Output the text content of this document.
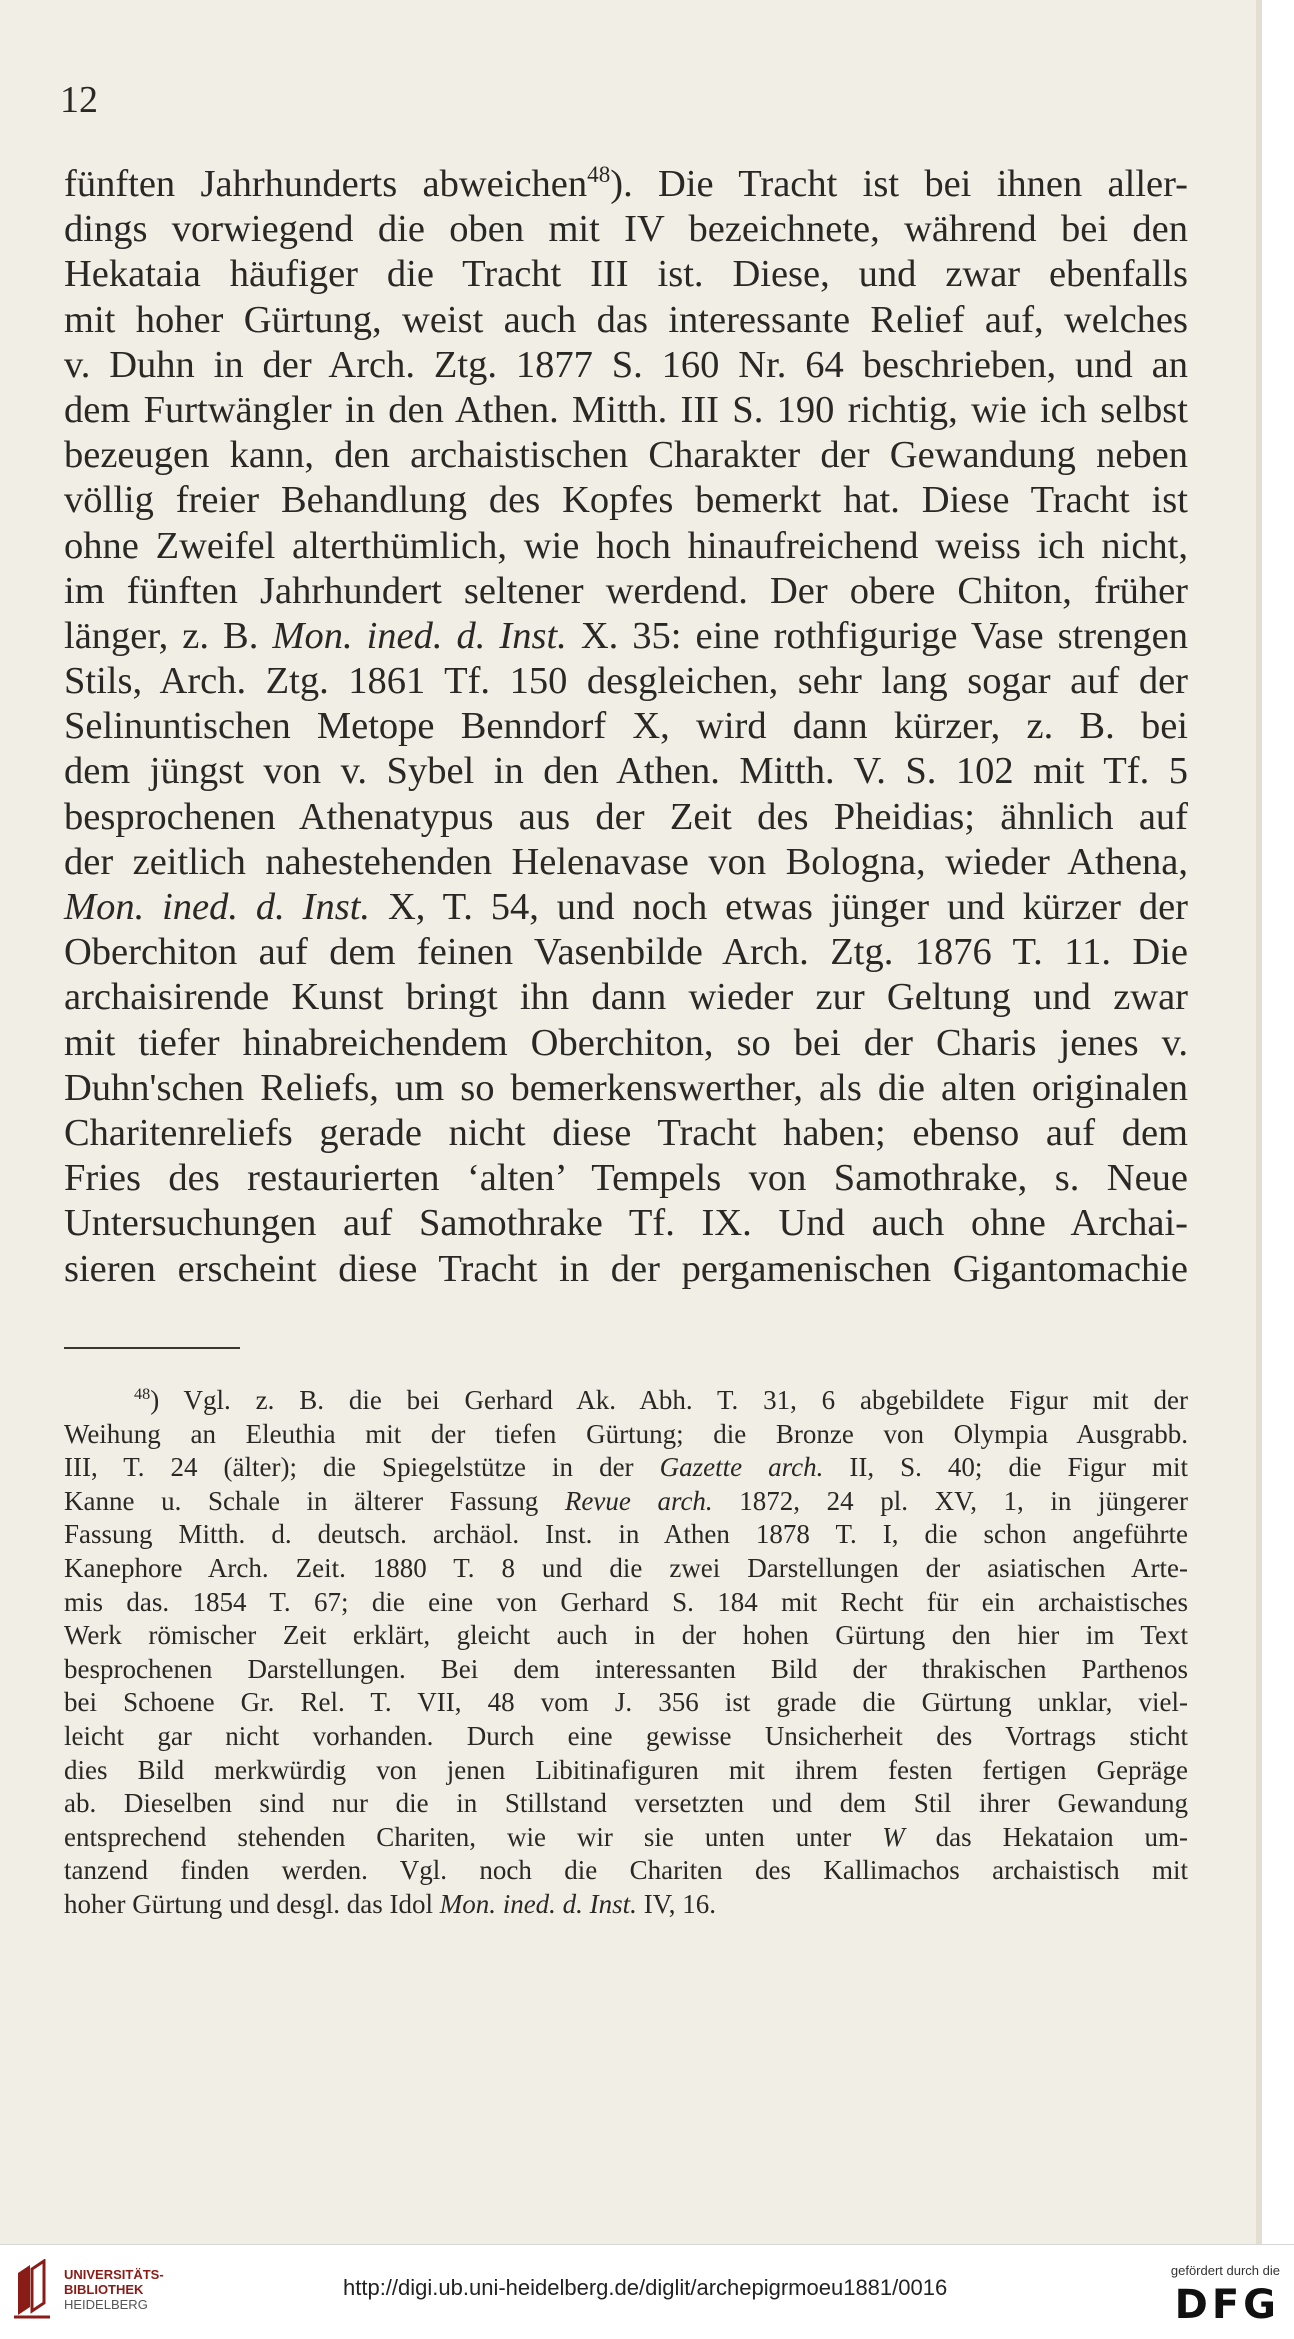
12
fünften Jahrhunderts abweichen$^{48}$). Die Tracht ist bei ihnen aller-
dings vorwiegend die oben mit IV bezeichnete, während bei den
Hekataia häufiger die Tracht III ist. Diese, und zwar ebenfalls
mit hoher Gürtung, weist auch das interessante Relief auf, welches
v. Duhn in der Arch. Ztg. 1877 S. 160 Nr. 64 beschrieben, und an
dem Furtwängler in den Athen. Mitth. III S. 190 richtig, wie ich selbst
bezeugen kann, den archaistischen Charakter der Gewandung neben
völlig freier Behandlung des Kopfes bemerkt hat. Diese Tracht ist
ohne Zweifel alterthümlich, wie hoch hinaufreichend weiss ich nicht,
im fünften Jahrhundert seltener werdend. Der obere Chiton, früher
länger, z. B. Mon. ined. d. Inst. X. 35: eine rothfigurige Vase strengen
Stils, Arch. Ztg. 1861 Tf. 150 desgleichen, sehr lang sogar auf der
Selinuntischen Metope Benndorf X, wird dann kürzer, z. B. bei
dem jüngst von v. Sybel in den Athen. Mitth. V. S. 102 mit Tf. 5
besprochenen Athenatypus aus der Zeit des Pheidias; ähnlich auf
der zeitlich nahestehenden Helenavase von Bologna, wieder Athena,
Mon. ined. d. Inst. X, T. 54, und noch etwas jünger und kürzer der
Oberchiton auf dem feinen Vasenbilde Arch. Ztg. 1876 T. 11. Die
archaisirende Kunst bringt ihn dann wieder zur Geltung und zwar
mit tiefer hinabreichendem Oberchiton, so bei der Charis jenes v.
Duhn'schen Reliefs, um so bemerkenswerther, als die alten originalen
Charitenreliefs gerade nicht diese Tracht haben; ebenso auf dem
Fries des restaurierten ‘alten’ Tempels von Samothrake, s. Neue
Untersuchungen auf Samothrake Tf. IX. Und auch ohne Archai-
sieren erscheint diese Tracht in der pergamenischen Gigantomachie
$^{48}$) Vgl. z. B. die bei Gerhard Ak. Abh. T. 31, 6 abgebildete Figur mit der
Weihung an Eleuthia mit der tiefen Gürtung; die Bronze von Olympia Ausgrabb.
III, T. 24 (älter); die Spiegelstütze in der Gazette arch. II, S. 40; die Figur mit
Kanne u. Schale in älterer Fassung Revue arch. 1872, 24 pl. XV, 1, in jüngerer
Fassung Mitth. d. deutsch. archäol. Inst. in Athen 1878 T. I, die schon angeführte
Kanephore Arch. Zeit. 1880 T. 8 und die zwei Darstellungen der asiatischen Arte-
mis das. 1854 T. 67; die eine von Gerhard S. 184 mit Recht für ein archaistisches
Werk römischer Zeit erklärt, gleicht auch in der hohen Gürtung den hier im Text
besprochenen Darstellungen. Bei dem interessanten Bild der thrakischen Parthenos
bei Schoene Gr. Rel. T. VII, 48 vom J. 356 ist grade die Gürtung unklar, viel-
leicht gar nicht vorhanden. Durch eine gewisse Unsicherheit des Vortrags sticht
dies Bild merkwürdig von jenen Libitinafiguren mit ihrem festen fertigen Gepräge
ab. Dieselben sind nur die in Stillstand versetzten und dem Stil ihrer Gewandung
entsprechend stehenden Chariten, wie wir sie unten unter W das Hekataion um-
tanzend finden werden. Vgl. noch die Chariten des Kallimachos archaistisch mit
hoher Gürtung und desgl. das Idol Mon. ined. d. Inst. IV, 16.
UNIVERSITÄTS-
BIBLIOTHEK
HEIDELBERG
http://digi.ub.uni-heidelberg.de/diglit/archepigrmoeu1881/0016
gefördert durch die
DFG
